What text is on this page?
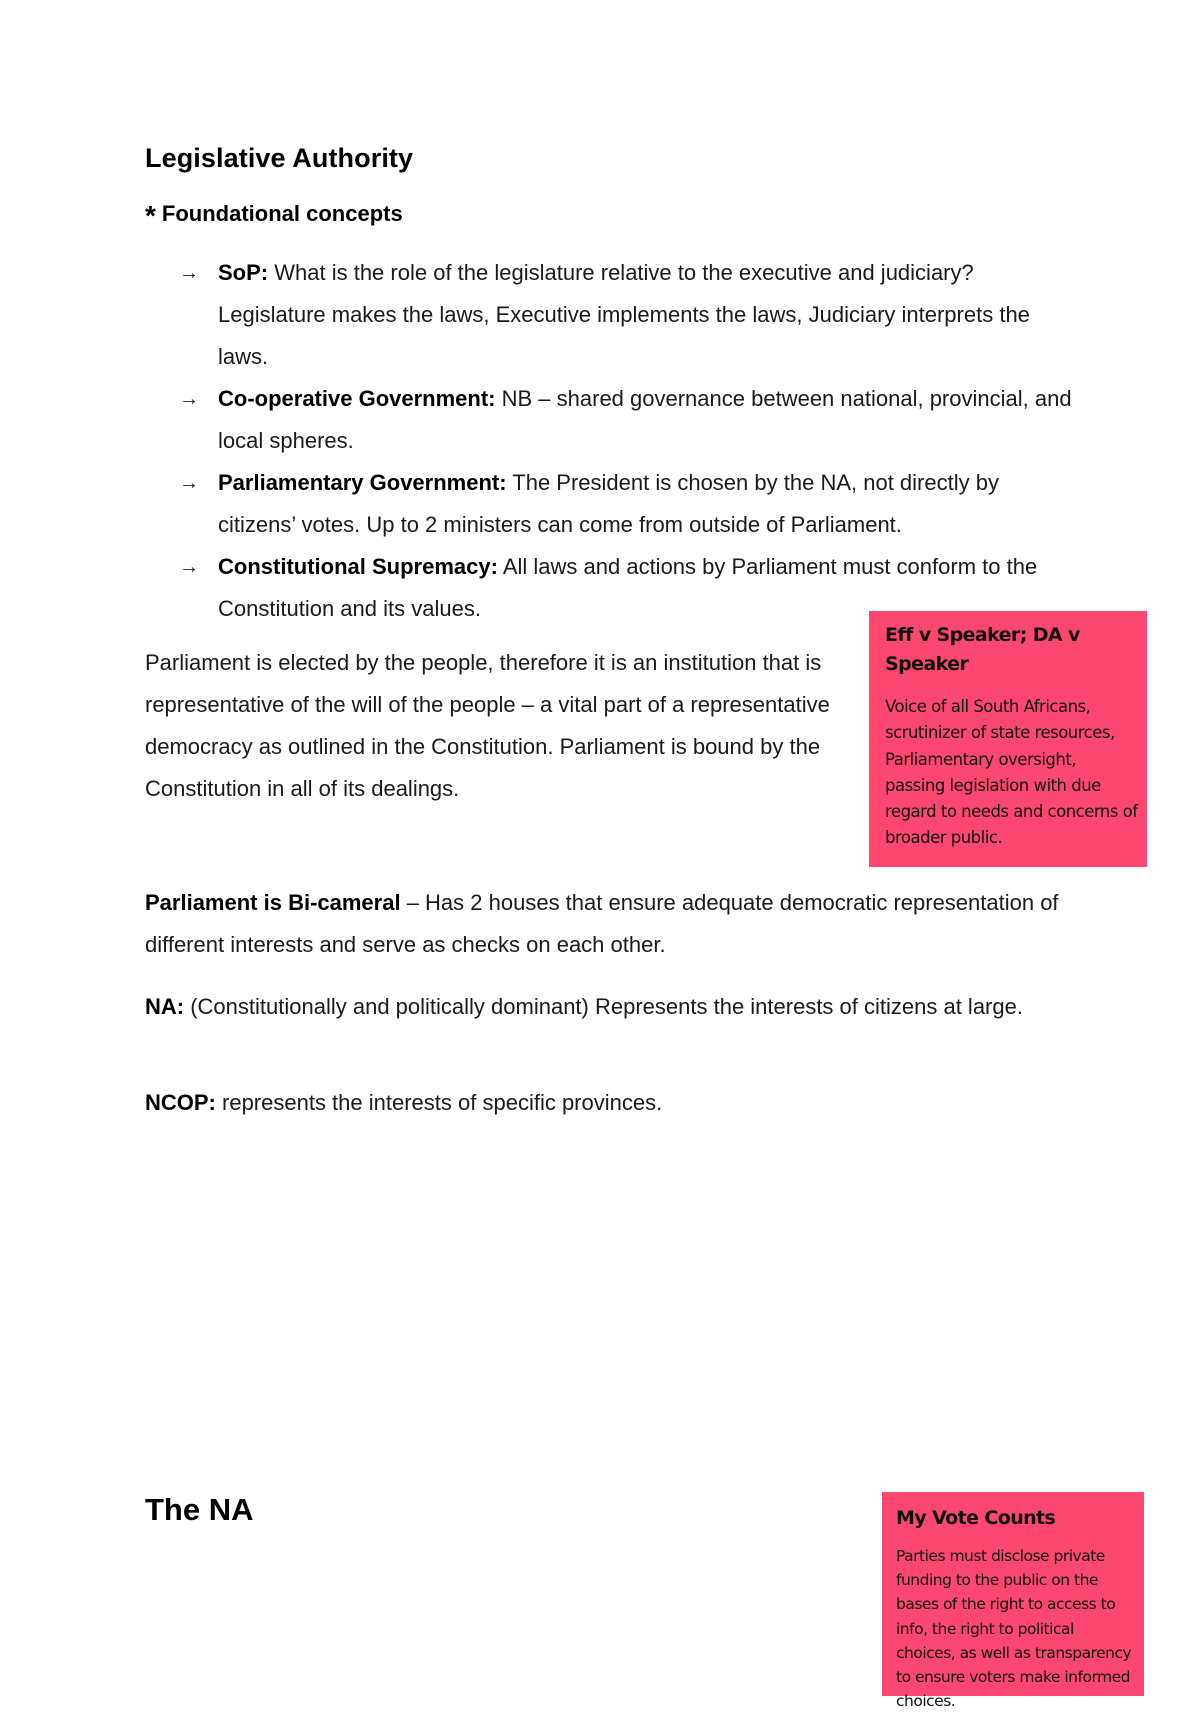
Legislative Authority
* Foundational concepts
→ SoP: What is the role of the legislature relative to the executive and judiciary? Legislature makes the laws, Executive implements the laws, Judiciary interprets the laws.
→ Co-operative Government: NB – shared governance between national, provincial, and local spheres.
→ Parliamentary Government: The President is chosen by the NA, not directly by citizens’ votes. Up to 2 ministers can come from outside of Parliament.
→ Constitutional Supremacy: All laws and actions by Parliament must conform to the Constitution and its values.
Parliament is elected by the people, therefore it is an institution that is representative of the will of the people – a vital part of a representative democracy as outlined in the Constitution. Parliament is bound by the Constitution in all of its dealings.
Eff v Speaker; DA v Speaker
Voice of all South Africans, scrutinizer of state resources, Parliamentary oversight, passing legislation with due regard to needs and concerns of broader public.
Parliament is Bi-cameral – Has 2 houses that ensure adequate democratic representation of different interests and serve as checks on each other.
NA: (Constitutionally and politically dominant) Represents the interests of citizens at large.
NCOP: represents the interests of specific provinces.
The NA	My Vote Counts
Parties must disclose private funding to the public on the bases of the right to access to info, the right to political choices, as well as transparency to ensure voters make informed choices.
